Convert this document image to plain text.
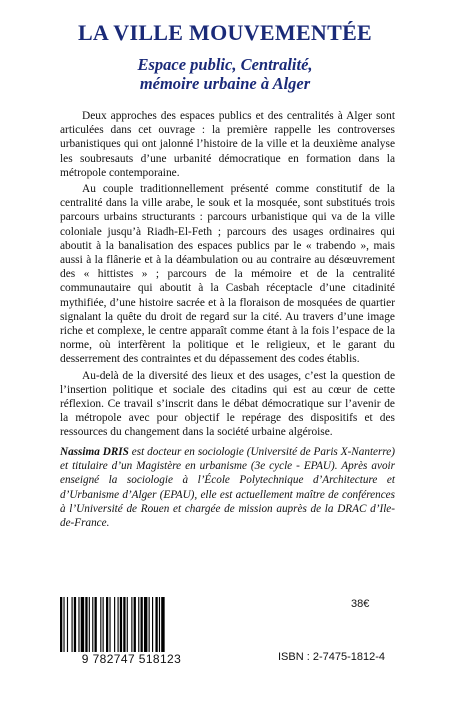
LA VILLE MOUVEMENTÉE
Espace public, Centralité,
mémoire urbaine à Alger

Deux approches des espaces publics et des centralités à Alger sont articulées dans cet ouvrage : la première rappelle les controverses urbanistiques qui ont jalonné l’histoire de la ville et la deuxième analyse les soubresauts d’une urbanité démocratique en formation dans la métropole contemporaine.

Au couple traditionnellement présenté comme constitutif de la centralité dans la ville arabe, le souk et la mosquée, sont substitués trois parcours urbains structurants : parcours urbanistique qui va de la ville coloniale jusqu’à Riadh-El-Feth ; parcours des usages ordinaires qui aboutit à la banalisation des espaces publics par le « trabendo », mais aussi à la flânerie et à la déambulation ou au contraire au désœuvrement des « hittistes » ; parcours de la mémoire et de la centralité communautaire qui aboutit à la Casbah réceptacle d’une citadinité mythifiée, d’une histoire sacrée et à la floraison de mosquées de quartier signalant la quête du droit de regard sur la cité. Au travers d’une image riche et complexe, le centre apparaît comme étant à la fois l’espace de la norme, où interfèrent la politique et le religieux, et le garant du desserrement des contraintes et du dépassement des codes établis.

Au-delà de la diversité des lieux et des usages, c’est la question de l’insertion politique et sociale des citadins qui est au cœur de cette réflexion. Ce travail s’inscrit dans le débat démocratique sur l’avenir de la métropole avec pour objectif le repérage des dispositifs et des ressources du changement dans la société urbaine algéroise.

Nassima DRIS est docteur en sociologie (Université de Paris X-Nanterre) et titulaire d’un Magistère en urbanisme (3e cycle - EPAU). Après avoir enseigné la sociologie à l’École Polytechnique d’Architecture et d’Urbanisme d’Alger (EPAU), elle est actuellement maître de conférences à l’Université de Rouen et chargée de mission auprès de la DRAC d’Ile-de-France.
9 782747 518123
38€
ISBN : 2-7475-1812-4
